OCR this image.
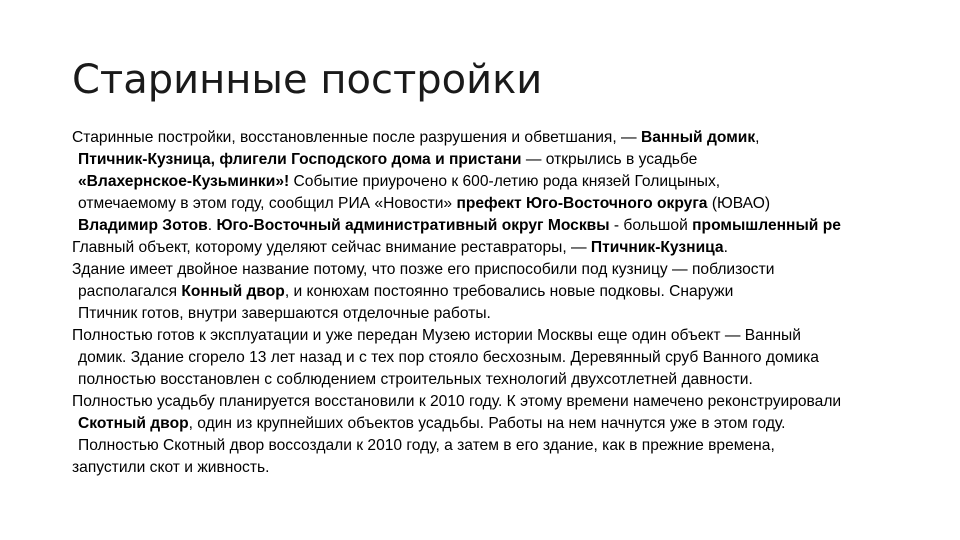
Старинные постройки
Старинные постройки, восстановленные после разрушения и обветшания, — Ванный домик,
Птичник-Кузница, флигели Господского дома и пристани — открылись в усадьбе
«Влахернское-Кузьминки»! Событие приурочено к 600-летию рода князей Голицыных,
отмечаемому в этом году, сообщил РИА «Новости» префект Юго-Восточного округа (ЮВАО)
Владимир Зотов. Юго-Восточный административный округ Москвы - большой промышленный ре
Главный объект, которому уделяют сейчас внимание реставраторы, — Птичник-Кузница.
Здание имеет двойное название потому, что позже его приспособили под кузницу — поблизости
располагался Конный двор, и конюхам постоянно требовались новые подковы. Снаружи
Птичник готов, внутри завершаются отделочные работы.
Полностью готов к эксплуатации и уже передан Музею истории Москвы еще один объект — Ванный
домик. Здание сгорело 13 лет назад и с тех пор стояло бесхозным. Деревянный сруб Ванного домика
полностью восстановлен с соблюдением строительных технологий двухсотлетней давности.
Полностью усадьбу планируется восстановили к 2010 году. К этому времени намечено реконструировали
Скотный двор, один из крупнейших объектов усадьбы. Работы на нем начнутся уже в этом году.
Полностью Скотный двор воссоздали к 2010 году, а затем в его здание, как в прежние времена,
запустили скот и живность.
